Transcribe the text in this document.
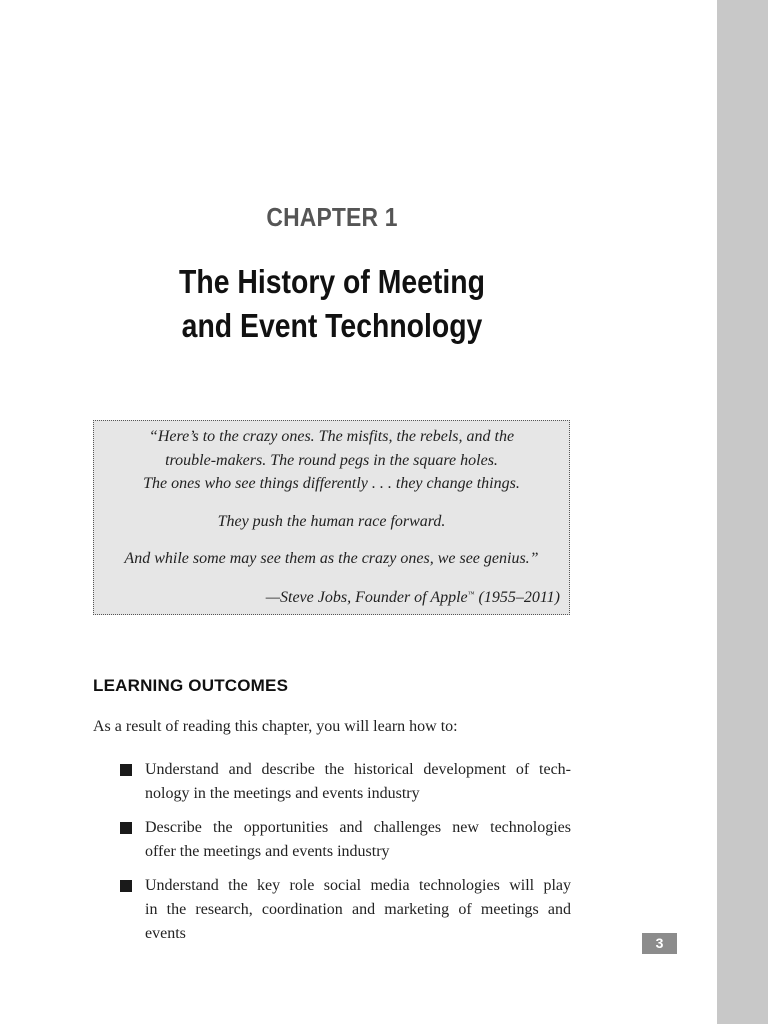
CHAPTER 1
The History of Meeting
and Event Technology
“Here’s to the crazy ones. The misfits, the rebels, and the
trouble-makers. The round pegs in the square holes.
The ones who see things differently . . . they change things.
They push the human race forward.
And while some may see them as the crazy ones, we see genius.”
—Steve Jobs, Founder of Apple™ (1955–2011)
LEARNING OUTCOMES
As a result of reading this chapter, you will learn how to:
Understand and describe the historical development of tech-
nology in the meetings and events industry
Describe the opportunities and challenges new technologies
offer the meetings and events industry
Understand the key role social media technologies will play
in the research, coordination and marketing of meetings and
events
3
